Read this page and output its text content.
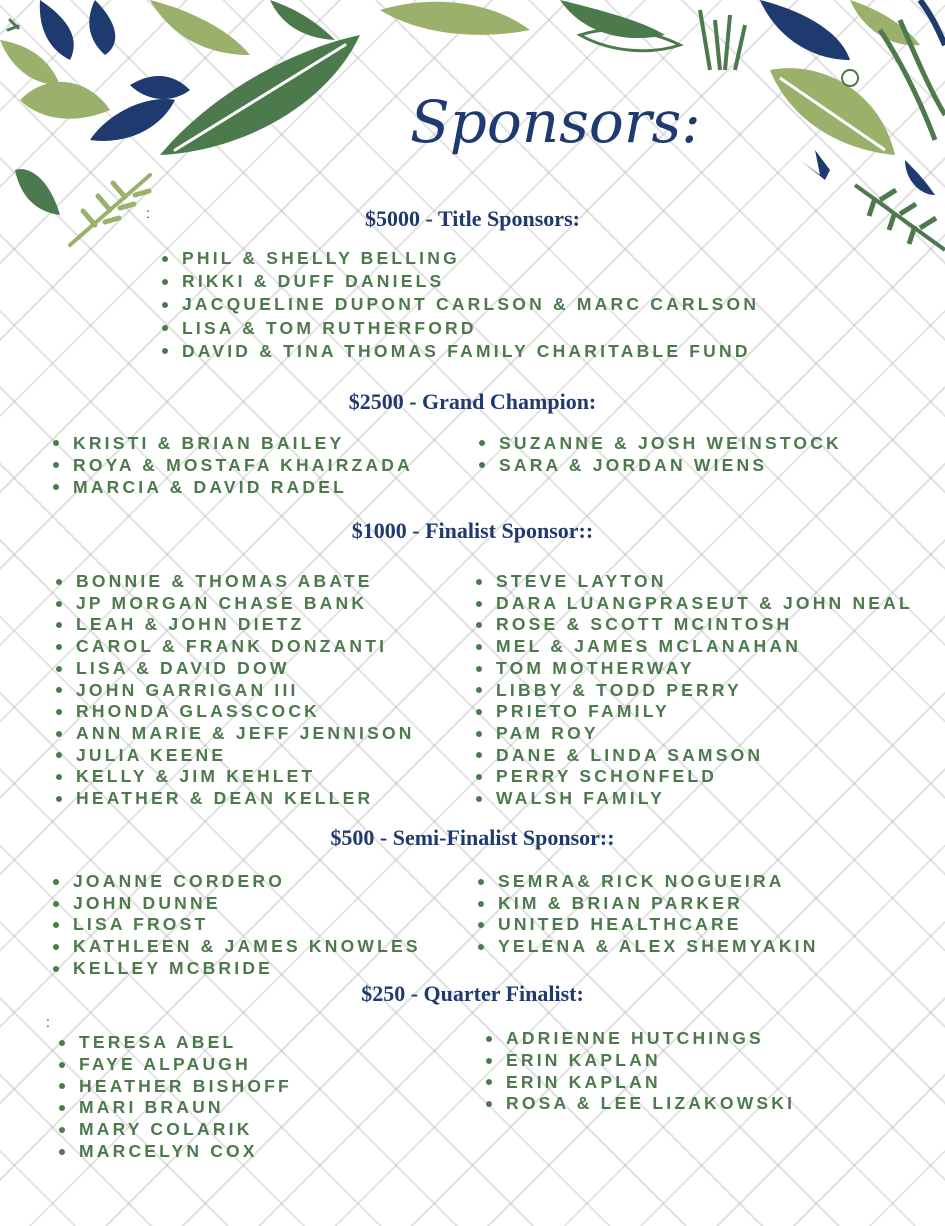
Sponsors:
:
:
$5000 - Title Sponsors:
PHIL & SHELLY BELLING
RIKKI & DUFF DANIELS
JACQUELINE DUPONT CARLSON & MARC CARLSON
LISA & TOM RUTHERFORD
DAVID & TINA THOMAS FAMILY CHARITABLE FUND
$2500 - Grand Champion:
KRISTI & BRIAN BAILEY
ROYA & MOSTAFA KHAIRZADA
MARCIA & DAVID RADEL
SUZANNE & JOSH WEINSTOCK
SARA & JORDAN WIENS
$1000 - Finalist Sponsor::
BONNIE & THOMAS ABATE
JP MORGAN CHASE BANK
LEAH & JOHN DIETZ
CAROL & FRANK DONZANTI
LISA & DAVID DOW
JOHN GARRIGAN III
RHONDA GLASSCOCK
ANN MARIE & JEFF JENNISON
JULIA KEENE
KELLY & JIM KEHLET
HEATHER & DEAN KELLER
STEVE LAYTON
DARA LUANGPRASEUT & JOHN NEAL
ROSE & SCOTT MCINTOSH
MEL & JAMES MCLANAHAN
TOM MOTHERWAY
LIBBY & TODD PERRY
PRIETO FAMILY
PAM ROY
DANE & LINDA SAMSON
PERRY SCHONFELD
WALSH FAMILY
$500 - Semi-Finalist Sponsor::
JOANNE CORDERO
JOHN DUNNE
LISA FROST
KATHLEEN & JAMES KNOWLES
KELLEY MCBRIDE
SEMRA& RICK NOGUEIRA
KIM & BRIAN PARKER
UNITED HEALTHCARE
YELENA & ALEX SHEMYAKIN
$250 - Quarter Finalist:
TERESA ABEL
FAYE ALPAUGH
HEATHER BISHOFF
MARI BRAUN
MARY COLARIK
MARCELYN COX
ADRIENNE HUTCHINGS
ERIN KAPLAN
ERIN KAPLAN
ROSA & LEE LIZAKOWSKI
